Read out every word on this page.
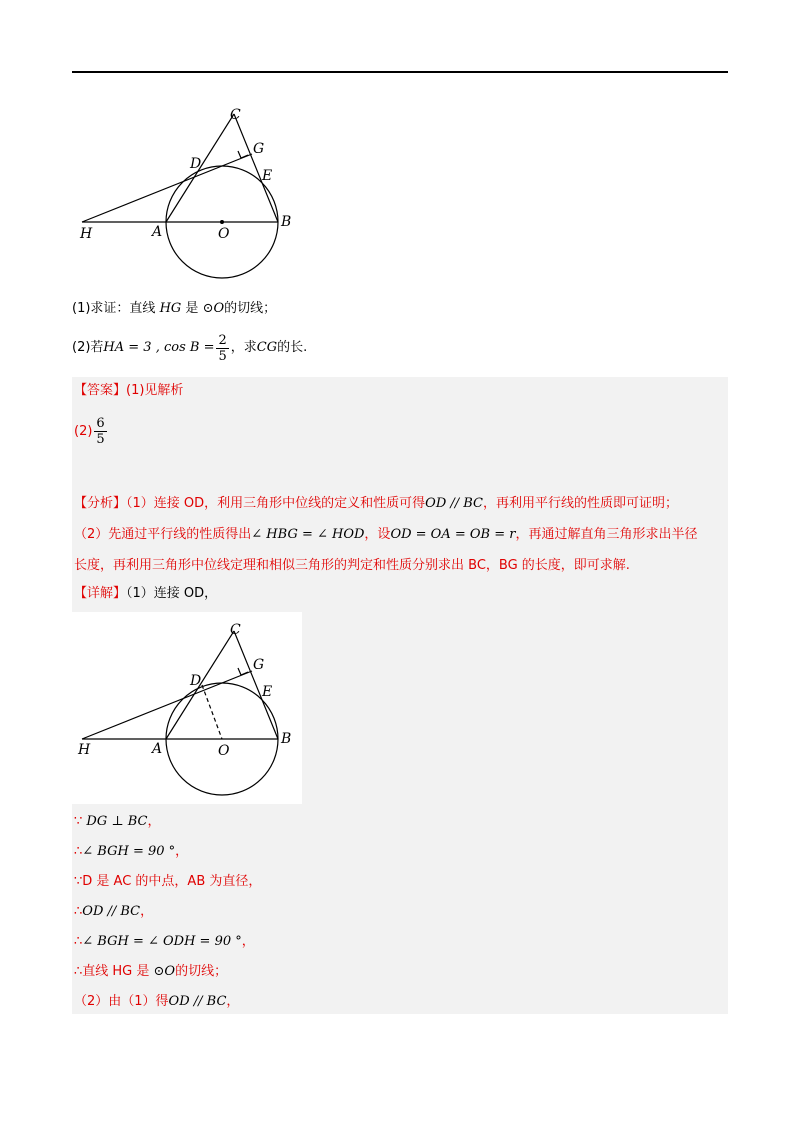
C
G
D
E
H	A	O
B
(1)求证：直线 HG 是 ⊙O的切线；
(2)若 HA = 3 , $\cos B = \frac{2}{5}$ ，求 CG 的长.
【答案】(1)见解析
$(2) \frac{6}{5}$

【分析】（1）连接 OD，利用三角形中位线的定义和性质可得OD // BC，再利用平行线的性质即可证明；

（2）先通过平行线的性质得出∠ HBG = ∠ HOD，设OD = OA = OB = r，再通过解直角三角形求出半径

长度，再利用三角形中位线定理和相似三角形的判定和性质分别求出 BC，BG 的长度，即可求解.

【详解】（1）连接 OD，
C
G
D
E
H	A	O
B

∵ DG ⊥ BC，

∴∠ BGH = 90 °，

∵D 是 AC 的中点，AB 为直径，

∴OD // BC，

∴∠ BGH = ∠ ODH = 90 °，

∴直线 HG 是 ⊙O的切线；

（2）由（1）得OD // BC，
